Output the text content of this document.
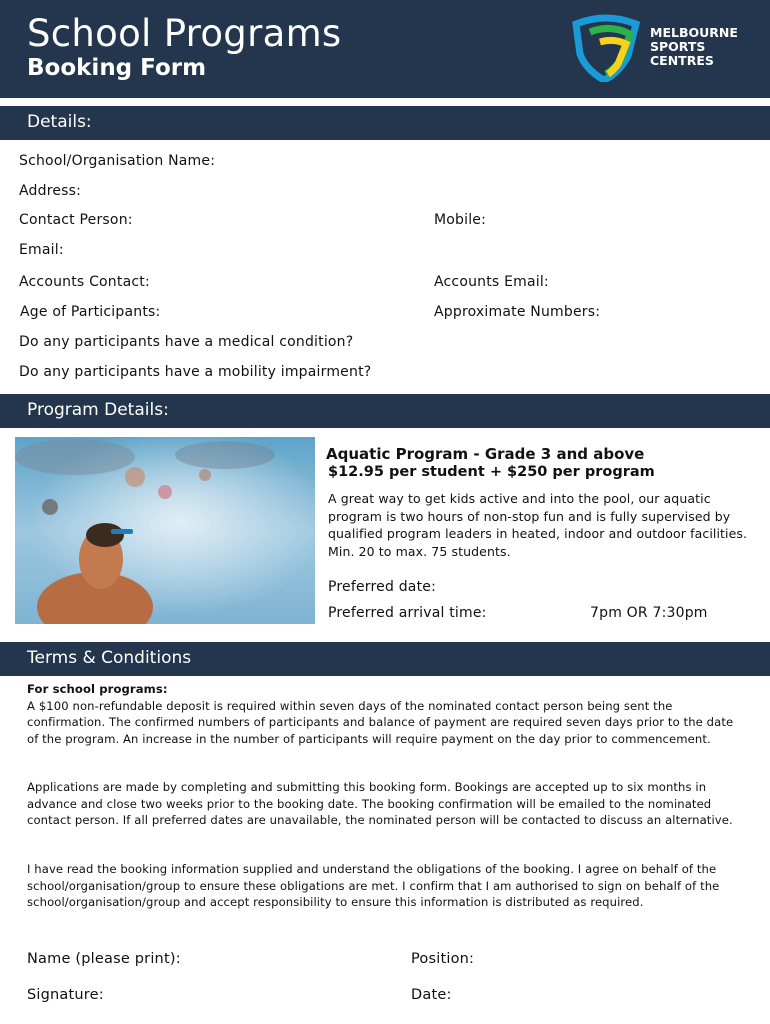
School Programs
Booking Form
MELBOURNE
SPORTS
CENTRES
Details:
School/Organisation Name:
Address:
Contact Person:	Mobile:
Email:
Accounts Contact:	Accounts Email:
Age of Participants:	Approximate Numbers:
Do any participants have a medical condition?
Do any participants have a mobility impairment?
Program Details:
Aquatic Program - Grade 3 and above
$12.95 per student + $250 per program
A great way to get kids active and into the pool, our aquatic program is two hours of non-stop fun and is fully supervised by qualified program leaders in heated, indoor and outdoor facilities. Min. 20 to max. 75 students.
Preferred date:
Preferred arrival time:	7pm OR 7:30pm
Terms & Conditions
For school programs:
A $100 non-refundable deposit is required within seven days of the nominated contact person being sent the confirmation. The confirmed numbers of participants and balance of payment are required seven days prior to the date of the program. An increase in the number of participants will require payment on the day prior to commencement.
Applications are made by completing and submitting this booking form. Bookings are accepted up to six months in advance and close two weeks prior to the booking date. The booking confirmation will be emailed to the nominated contact person. If all preferred dates are unavailable, the nominated person will be contacted to discuss an alternative.
I have read the booking information supplied and understand the obligations of the booking. I agree on behalf of the school/organisation/group to ensure these obligations are met. I confirm that I am authorised to sign on behalf of the school/organisation/group and accept responsibility to ensure this information is distributed as required.
Name (please print):	Position:
Signature:	Date:
